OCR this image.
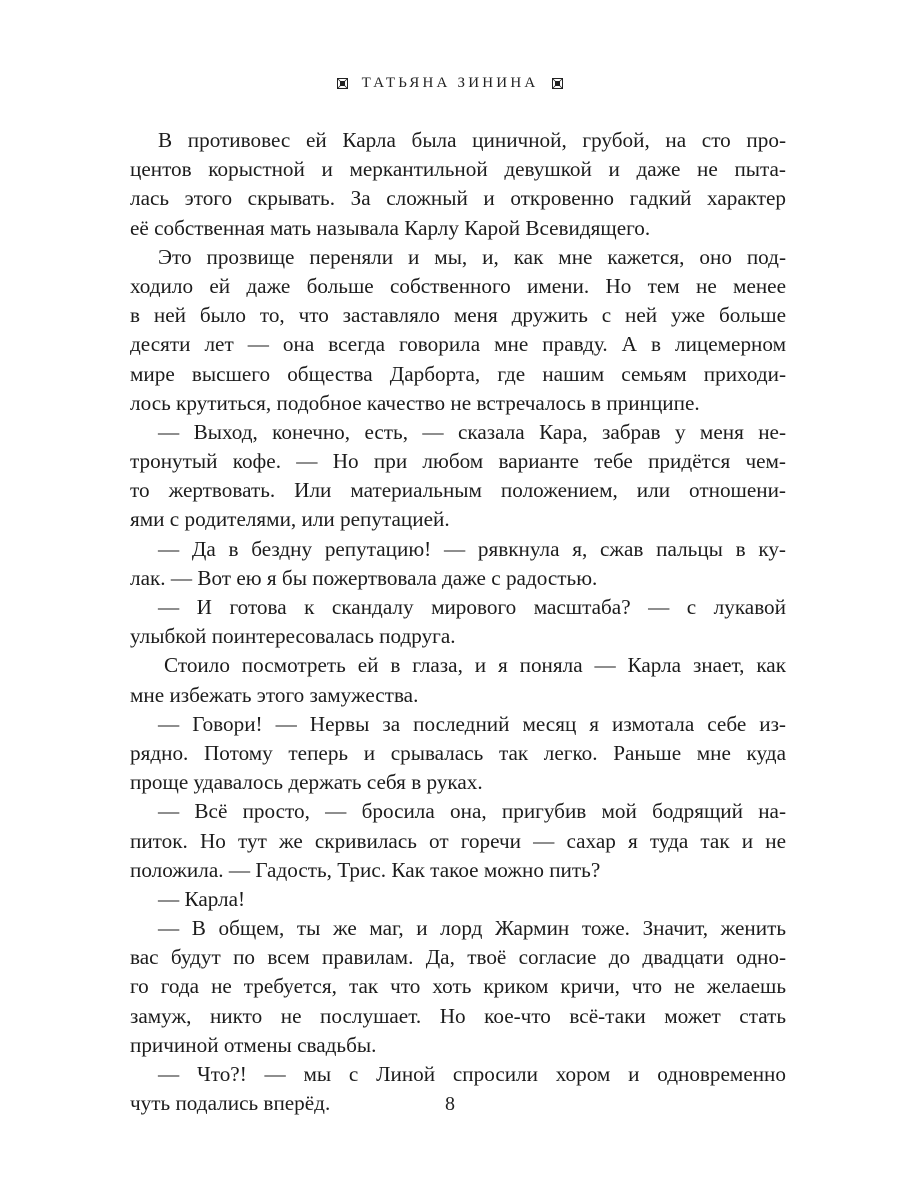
ТАТЬЯНА ЗИНИНА
В противовес ей Карла была циничной, грубой, на сто про-
центов корыстной и меркантильной девушкой и даже не пыта-
лась этого скрывать. За сложный и откровенно гадкий характер
её собственная мать называла Карлу Карой Всевидящего.
Это прозвище переняли и мы, и, как мне кажется, оно под-
ходило ей даже больше собственного имени. Но тем не менее
в ней было то, что заставляло меня дружить с ней уже больше
десяти лет — она всегда говорила мне правду. А в лицемерном
мире высшего общества Дарборта, где нашим семьям приходи-
лось крутиться, подобное качество не встречалось в принципе.
— Выход, конечно, есть, — сказала Кара, забрав у меня не-
тронутый кофе. — Но при любом варианте тебе придётся чем-
то жертвовать. Или материальным положением, или отношени-
ями с родителями, или репутацией.
— Да в бездну репутацию! — рявкнула я, сжав пальцы в ку-
лак. — Вот ею я бы пожертвовала даже с радостью.
— И готова к скандалу мирового масштаба? — с лукавой
улыбкой поинтересовалась подруга.
Стоило посмотреть ей в глаза, и я поняла — Карла знает, как
мне избежать этого замужества.
— Говори! — Нервы за последний месяц я измотала себе из-
рядно. Потому теперь и срывалась так легко. Раньше мне куда
проще удавалось держать себя в руках.
— Всё просто, — бросила она, пригубив мой бодрящий на-
питок. Но тут же скривилась от горечи — сахар я туда так и не
положила. — Гадость, Трис. Как такое можно пить?
— Карла!
— В общем, ты же маг, и лорд Жармин тоже. Значит, женить
вас будут по всем правилам. Да, твоё согласие до двадцати одно-
го года не требуется, так что хоть криком кричи, что не желаешь
замуж, никто не послушает. Но кое-что всё-таки может стать
причиной отмены свадьбы.
— Что?! — мы с Линой спросили хором и одновременно
чуть подались вперёд.	8
